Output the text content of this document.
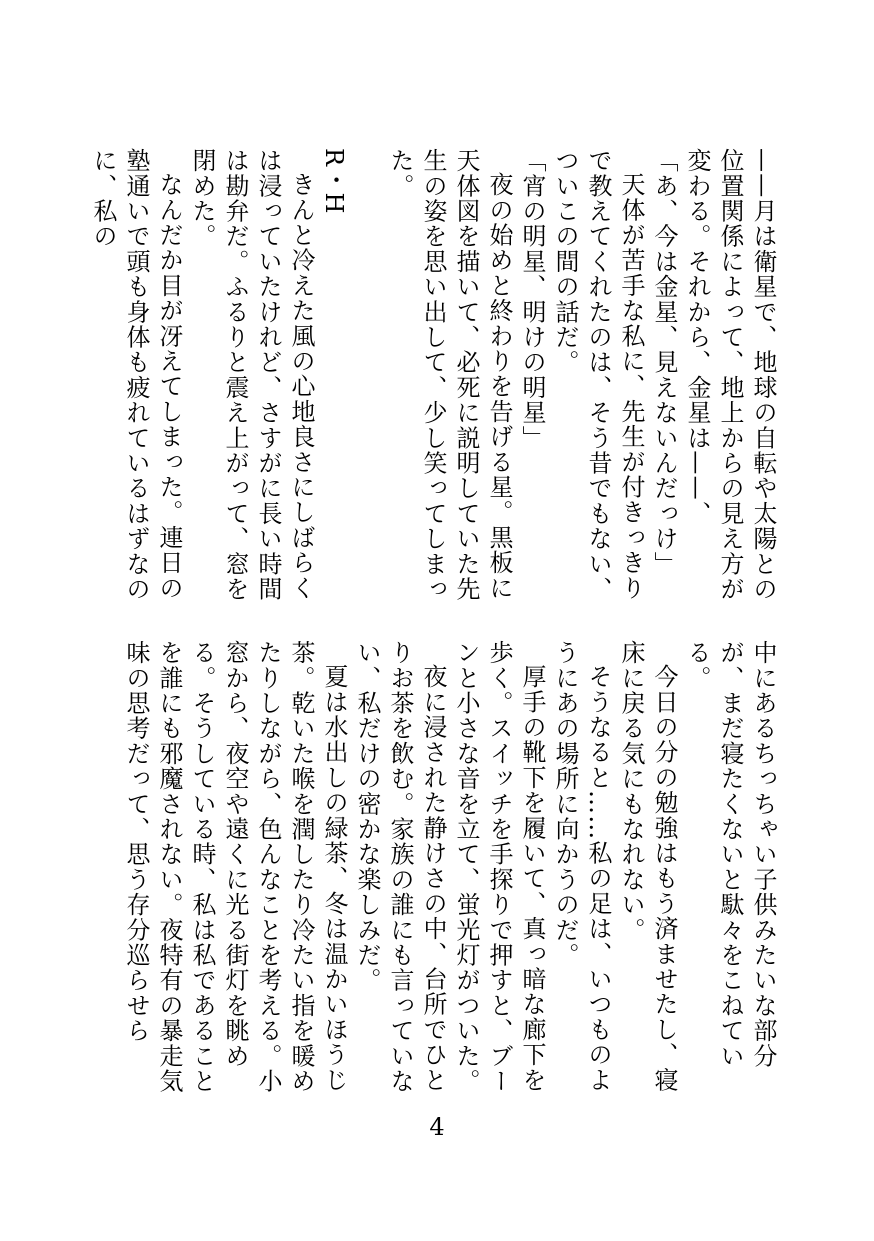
——月は衛星で、地球の自転や太陽との位置関係によって、地上からの見え方が変わる。それから、金星は——、

「あ、今は金星、見えないんだっけ」

天体が苦手な私に、先生が付きっきりで教えてくれたのは、そう昔でもない、ついこの間の話だ。

「宵の明星、明けの明星」

夜の始めと終わりを告げる星。黒板に天体図を描いて、必死に説明していた先生の姿を思い出して、少し笑ってしまった。

R・H

きんと冷えた風の心地良さにしばらくは浸っていたけれど、さすがに長い時間は勘弁だ。ふるりと震え上がって、窓を閉めた。

なんだか目が冴えてしまった。連日の塾通いで頭も身体も疲れているはずなのに、私の

中にあるちっちゃい子供みたいな部分が、まだ寝たくないと駄々をこねている。

今日の分の勉強はもう済ませたし、寝床に戻る気にもなれない。

そうなると……私の足は、いつものようにあの場所に向かうのだ。

厚手の靴下を履いて、真っ暗な廊下を歩く。スイッチを手探りで押すと、ブーンと小さな音を立て、蛍光灯がついた。

夜に浸された静けさの中、台所でひとりお茶を飲む。家族の誰にも言っていない、私だけの密かな楽しみだ。

夏は水出しの緑茶、冬は温かいほうじ茶。乾いた喉を潤したり冷たい指を暖めたりしながら、色んなことを考える。小窓から、夜空や遠くに光る街灯を眺める。そうしている時、私は私であることを誰にも邪魔されない。夜特有の暴走気味の思考だって、思う存分巡らせら

4
